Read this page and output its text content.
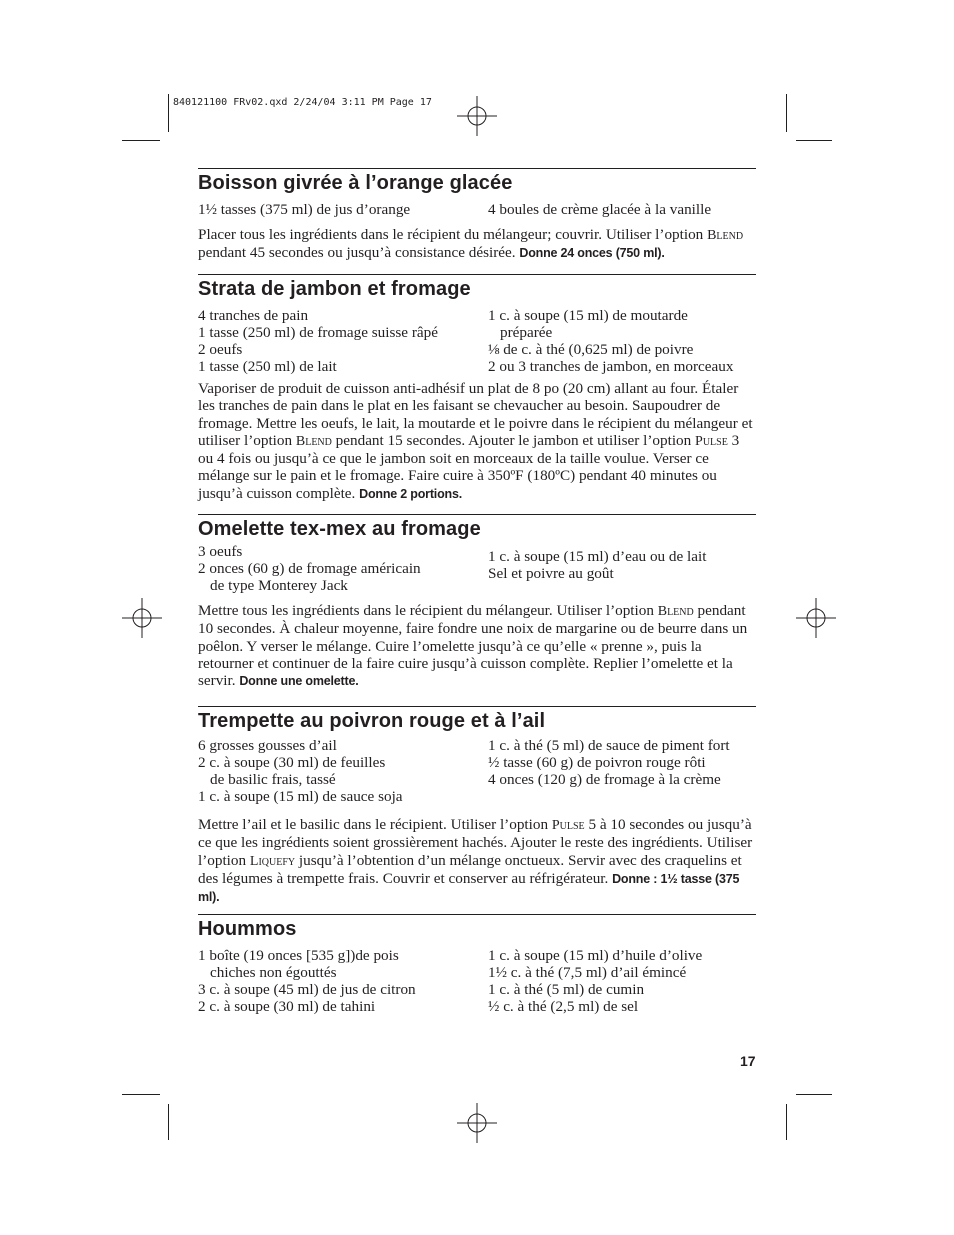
840121100 FRv02.qxd 2/24/04 3:11 PM Page 17
Boisson givrée à l’orange glacée
1½ tasses (375 ml) de jus d’orange	4 boules de crème glacée à la vanille
Placer tous les ingrédients dans le récipient du mélangeur; couvrir. Utiliser l’option Blend pendant 45 secondes ou jusqu’à consistance désirée. Donne 24 onces (750 ml).
Strata de jambon et fromage
4 tranches de pain
1 tasse (250 ml) de fromage suisse râpé
2 oeufs
1 tasse (250 ml) de lait
1 c. à soupe (15 ml) de moutarde
préparée
⅛ de c. à thé (0,625 ml) de poivre
2 ou 3 tranches de jambon, en morceaux
Vaporiser de produit de cuisson anti-adhésif un plat de 8 po (20 cm) allant au four. Étaler les tranches de pain dans le plat en les faisant se chevaucher au besoin. Saupoudrer de fromage. Mettre les oeufs, le lait, la moutarde et le poivre dans le récipient du mélangeur et utiliser l’option Blend pendant 15 secondes. Ajouter le jambon et utiliser l’option Pulse 3 ou 4 fois ou jusqu’à ce que le jambon soit en morceaux de la taille voulue. Verser ce mélange sur le pain et le fromage. Faire cuire à 350ºF (180ºC) pendant 40 minutes ou jusqu’à cuisson complète. Donne 2 portions.
Omelette tex-mex au fromage
3 oeufs
2 onces (60 g) de fromage américain
de type Monterey Jack
1 c. à soupe (15 ml) d’eau ou de lait
Sel et poivre au goût
Mettre tous les ingrédients dans le récipient du mélangeur. Utiliser l’option Blend pendant 10 secondes. À chaleur moyenne, faire fondre une noix de margarine ou de beurre dans un poêlon. Y verser le mélange. Cuire l’omelette jusqu’à ce qu’elle « prenne », puis la retourner et continuer de la faire cuire jusqu’à cuisson complète. Replier l’omelette et la servir. Donne une omelette.
Trempette au poivron rouge et à l’ail
6 grosses gousses d’ail
2 c. à soupe (30 ml) de feuilles
de basilic frais, tassé
1 c. à soupe (15 ml) de sauce soja
1 c. à thé (5 ml) de sauce de piment fort
½ tasse (60 g) de poivron rouge rôti
4 onces (120 g) de fromage à la crème
Mettre l’ail et le basilic dans le récipient. Utiliser l’option Pulse 5 à 10 secondes ou jusqu’à ce que les ingrédients soient grossièrement hachés. Ajouter le reste des ingrédients. Utiliser l’option Liquefy jusqu’à l’obtention d’un mélange onctueux. Servir avec des craquelins et des légumes à trempette frais. Couvrir et conserver au réfrigérateur. Donne : 1½ tasse (375 ml).
Hoummos
1 boîte (19 onces [535 g])de pois
chiches non égouttés
3 c. à soupe (45 ml) de jus de citron
2 c. à soupe (30 ml) de tahini
1 c. à soupe (15 ml) d’huile d’olive
1½ c. à thé (7,5 ml) d’ail émincé
1 c. à thé (5 ml) de cumin
½ c. à thé (2,5 ml) de sel
17
